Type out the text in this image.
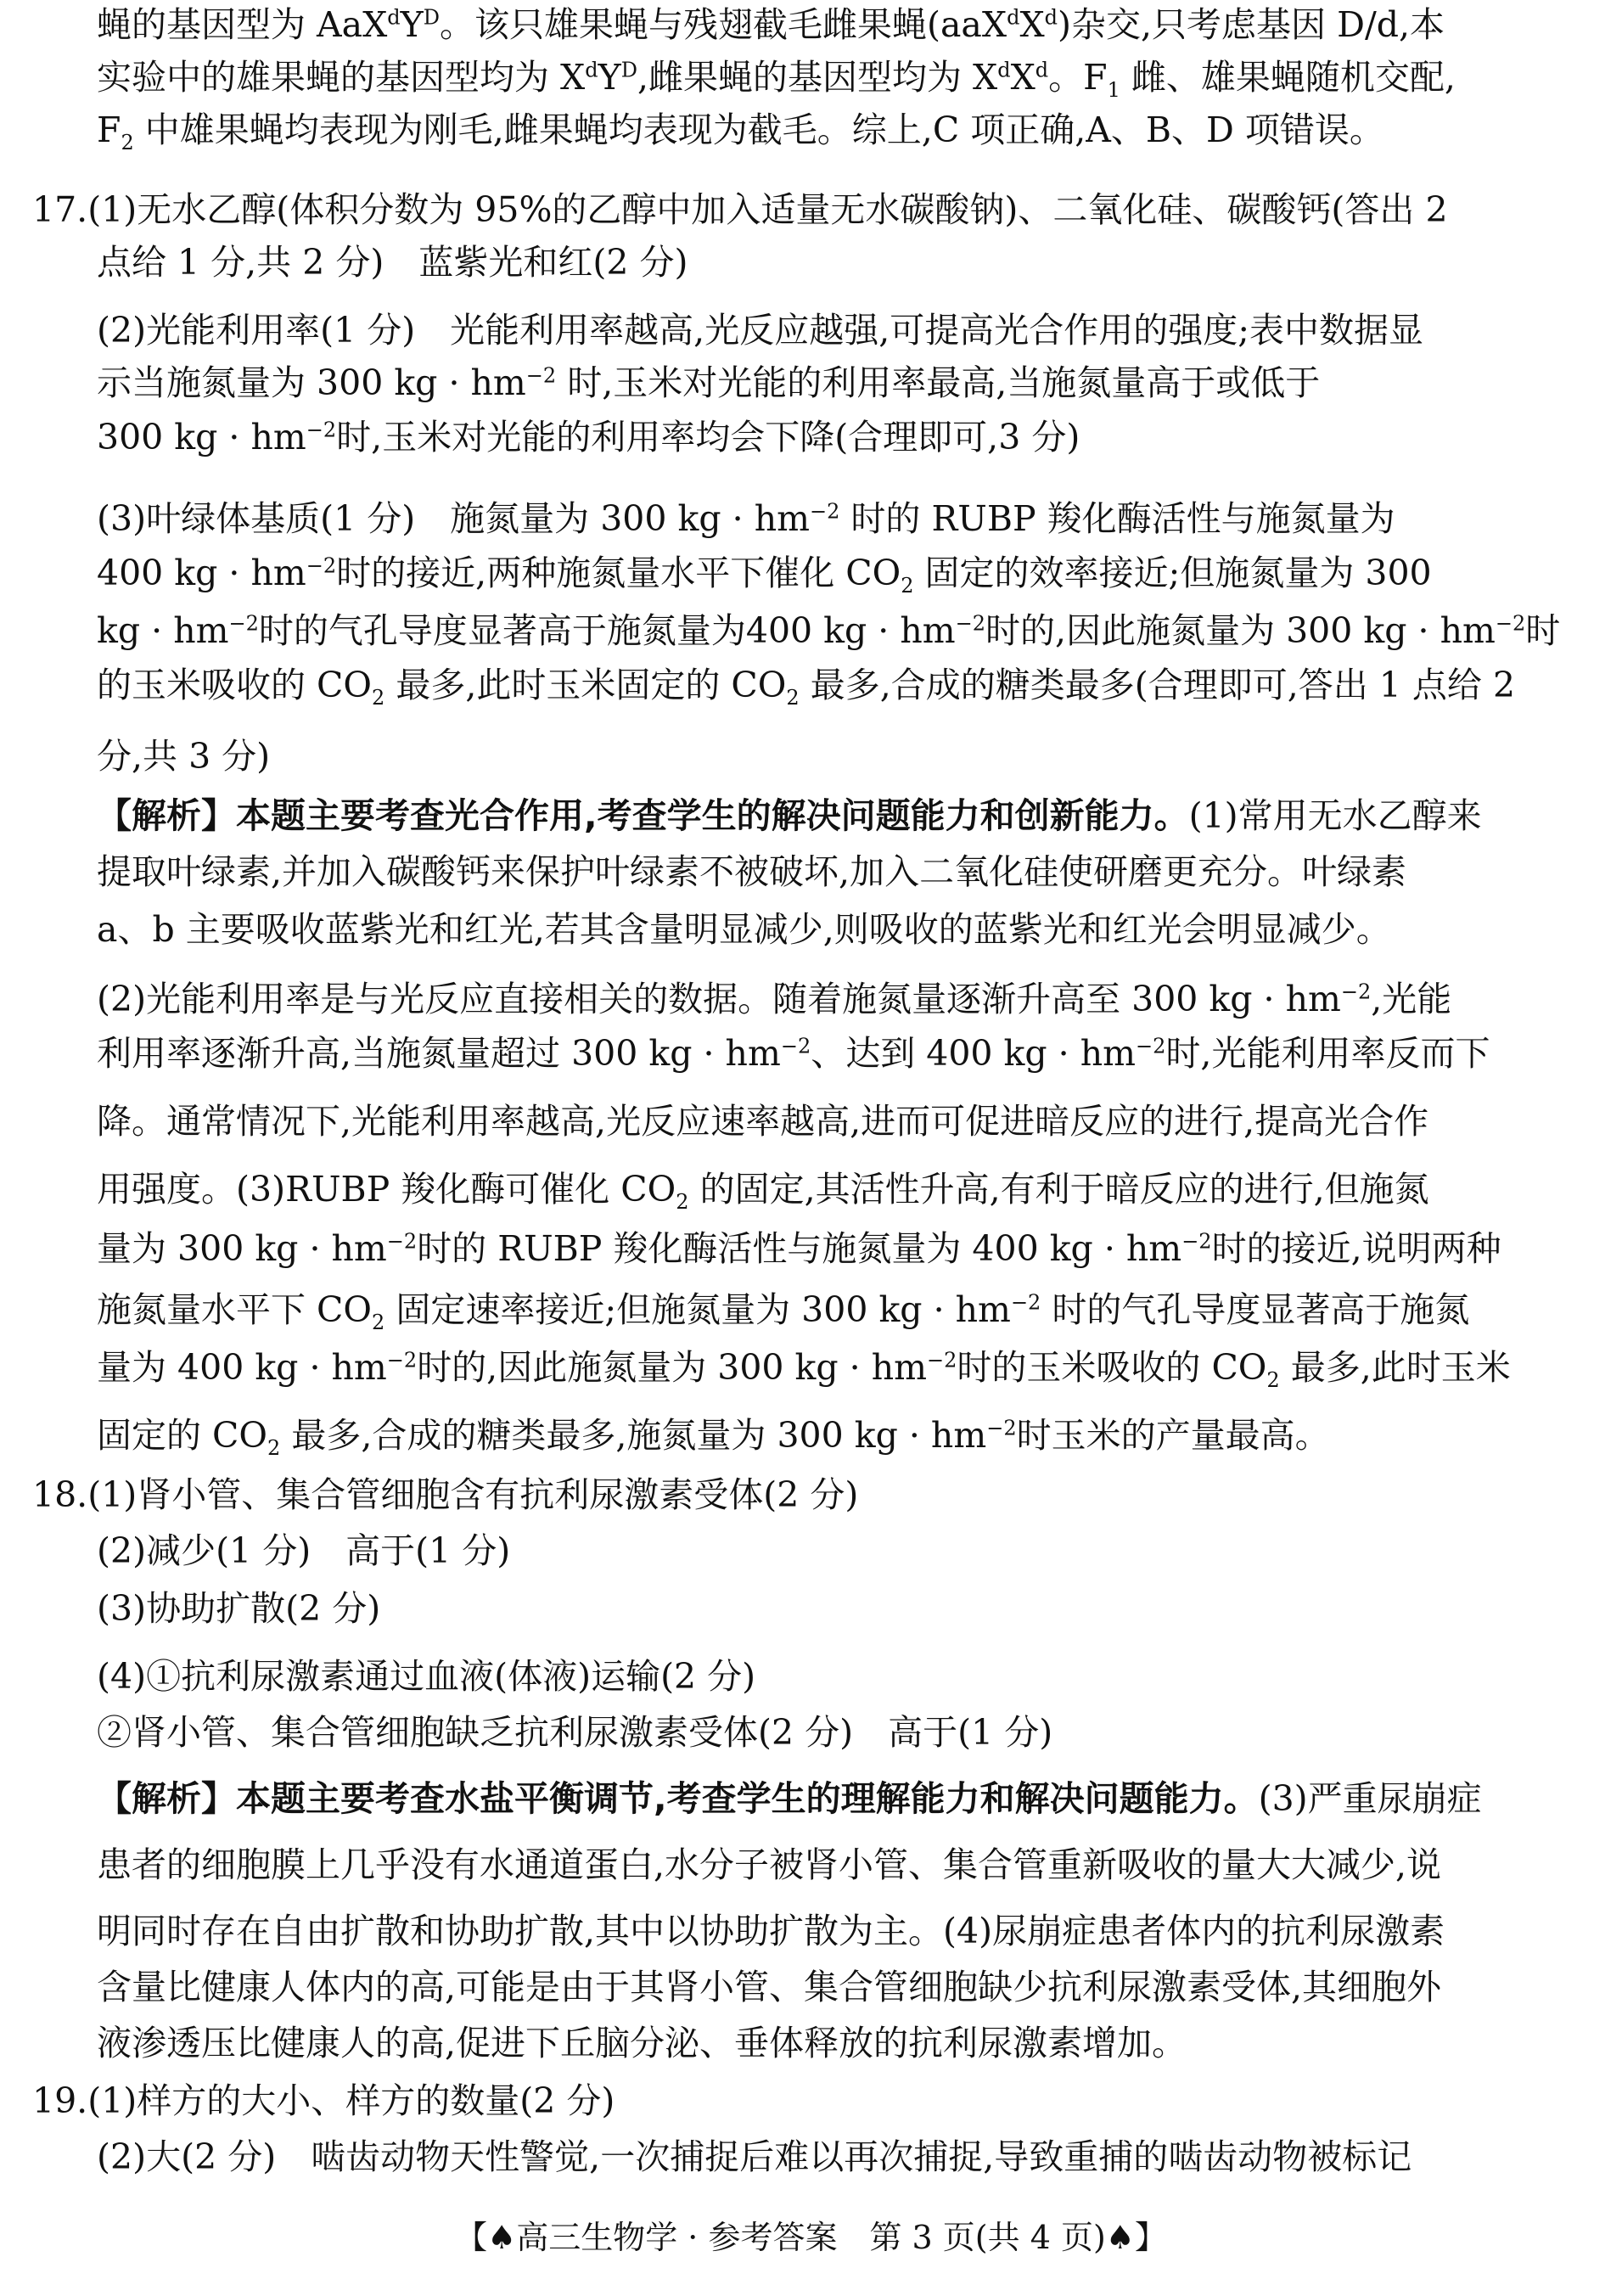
蝇的基因型为 $AaX^dY^D$。该只雄果蝇与残翅截毛雌果蝇$(aaX^dX^d)$杂交,只考虑基因 D/d,本
实验中的雄果蝇的基因型均为 $X^dY^D$,雌果蝇的基因型均为 $X^dX^d$。$F_1$ 雌、雄果蝇随机交配,
$F_2$ 中雄果蝇均表现为刚毛,雌果蝇均表现为截毛。综上,C 项正确,A、B、D 项错误。
17.(1)无水乙醇(体积分数为 95%的乙醇中加入适量无水碳酸钠)、二氧化硅、碳酸钙(答出 2
点给 1 分,共 2 分)　蓝紫光和红(2 分)
(2)光能利用率(1 分)　光能利用率越高,光反应越强,可提高光合作用的强度;表中数据显
示当施氮量为 300 kg · $hm^{-2}$ 时,玉米对光能的利用率最高,当施氮量高于或低于
300 kg · $hm^{-2}$时,玉米对光能的利用率均会下降(合理即可,3 分)
(3)叶绿体基质(1 分)　施氮量为 300 kg · $hm^{-2}$ 时的 RUBP 羧化酶活性与施氮量为
400 kg · $hm^{-2}$时的接近,两种施氮量水平下催化 $CO_2$ 固定的效率接近;但施氮量为 300
kg · $hm^{-2}$时的气孔导度显著高于施氮量为400 kg · $hm^{-2}$时的,因此施氮量为 300 kg · $hm^{-2}$时
的玉米吸收的 $CO_2$ 最多,此时玉米固定的 $CO_2$ 最多,合成的糖类最多(合理即可,答出 1 点给 2
分,共 3 分)
【解析】本题主要考查光合作用,考查学生的解决问题能力和创新能力。(1)常用无水乙醇来
提取叶绿素,并加入碳酸钙来保护叶绿素不被破坏,加入二氧化硅使研磨更充分。叶绿素
a、b 主要吸收蓝紫光和红光,若其含量明显减少,则吸收的蓝紫光和红光会明显减少。
(2)光能利用率是与光反应直接相关的数据。随着施氮量逐渐升高至 300 kg · $hm^{-2}$,光能
利用率逐渐升高,当施氮量超过 300 kg · $hm^{-2}$、达到 400 kg · $hm^{-2}$时,光能利用率反而下
降。通常情况下,光能利用率越高,光反应速率越高,进而可促进暗反应的进行,提高光合作
用强度。(3)RUBP 羧化酶可催化 $CO_2$ 的固定,其活性升高,有利于暗反应的进行,但施氮
量为 300 kg · $hm^{-2}$时的 RUBP 羧化酶活性与施氮量为 400 kg · $hm^{-2}$时的接近,说明两种
施氮量水平下 $CO_2$ 固定速率接近;但施氮量为 300 kg · $hm^{-2}$ 时的气孔导度显著高于施氮
量为 400 kg · $hm^{-2}$时的,因此施氮量为 300 kg · $hm^{-2}$时的玉米吸收的 $CO_2$ 最多,此时玉米
固定的 $CO_2$ 最多,合成的糖类最多,施氮量为 300 kg · $hm^{-2}$时玉米的产量最高。
18.(1)肾小管、集合管细胞含有抗利尿激素受体(2 分)
(2)减少(1 分)　高于(1 分)
(3)协助扩散(2 分)
(4)①抗利尿激素通过血液(体液)运输(2 分)
②肾小管、集合管细胞缺乏抗利尿激素受体(2 分)　高于(1 分)
【解析】本题主要考查水盐平衡调节,考查学生的理解能力和解决问题能力。(3)严重尿崩症
患者的细胞膜上几乎没有水通道蛋白,水分子被肾小管、集合管重新吸收的量大大减少,说
明同时存在自由扩散和协助扩散,其中以协助扩散为主。(4)尿崩症患者体内的抗利尿激素
含量比健康人体内的高,可能是由于其肾小管、集合管细胞缺少抗利尿激素受体,其细胞外
液渗透压比健康人的高,促进下丘脑分泌、垂体释放的抗利尿激素增加。
19.(1)样方的大小、样方的数量(2 分)
(2)大(2 分)　啮齿动物天性警觉,一次捕捉后难以再次捕捉,导致重捕的啮齿动物被标记
【♠高三生物学 · 参考答案　第 3 页(共 4 页)♠】
